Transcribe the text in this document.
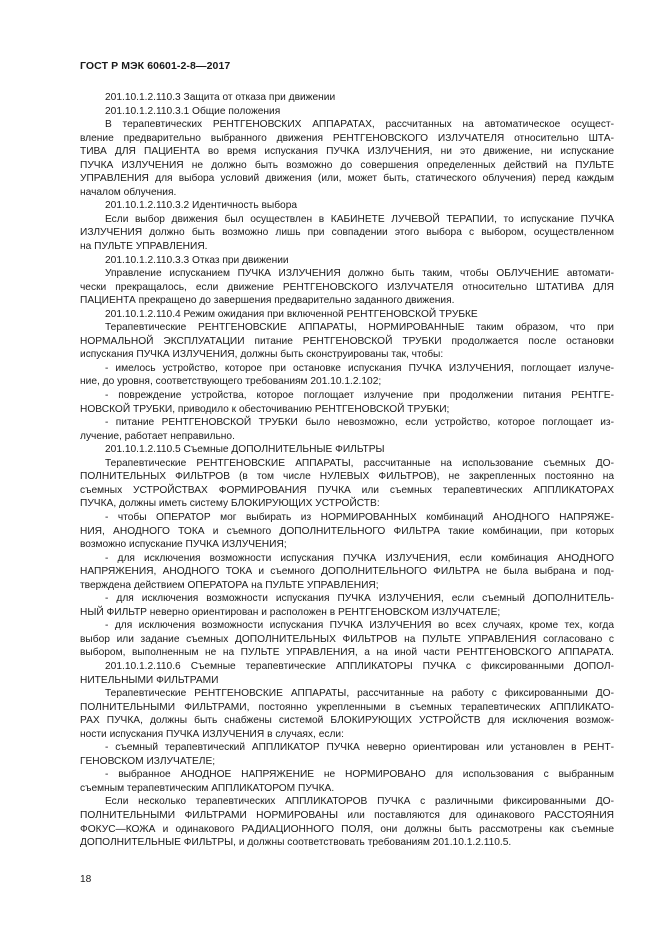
ГОСТ Р МЭК 60601-2-8—2017
201.10.1.2.110.3 Защита от отказа при движении
201.10.1.2.110.3.1 Общие положения
В терапевтических РЕНТГЕНОВСКИХ АППАРАТАХ, рассчитанных на автоматическое осущест-
вление предварительно выбранного движения РЕНТГЕНОВСКОГО ИЗЛУЧАТЕЛЯ относительно ШТА-
ТИВА ДЛЯ ПАЦИЕНТА во время испускания ПУЧКА ИЗЛУЧЕНИЯ, ни это движение, ни испускание
ПУЧКА ИЗЛУЧЕНИЯ не должно быть возможно до совершения определенных действий на ПУЛЬТЕ
УПРАВЛЕНИЯ для выбора условий движения (или, может быть, статического облучения) перед каждым
началом облучения.
201.10.1.2.110.3.2 Идентичность выбора
Если выбор движения был осуществлен в КАБИНЕТЕ ЛУЧЕВОЙ ТЕРАПИИ, то испускание ПУЧКА
ИЗЛУЧЕНИЯ должно быть возможно лишь при совпадении этого выбора с выбором, осуществленном
на ПУЛЬТЕ УПРАВЛЕНИЯ.
201.10.1.2.110.3.3 Отказ при движении
Управление испусканием ПУЧКА ИЗЛУЧЕНИЯ должно быть таким, чтобы ОБЛУЧЕНИЕ автомати-
чески прекращалось, если движение РЕНТГЕНОВСКОГО ИЗЛУЧАТЕЛЯ относительно ШТАТИВА ДЛЯ
ПАЦИЕНТА прекращено до завершения предварительно заданного движения.
201.10.1.2.110.4 Режим ожидания при включенной РЕНТГЕНОВСКОЙ ТРУБКЕ
Терапевтические РЕНТГЕНОВСКИЕ АППАРАТЫ, НОРМИРОВАННЫЕ таким образом, что при
НОРМАЛЬНОЙ ЭКСПЛУАТАЦИИ питание РЕНТГЕНОВСКОЙ ТРУБКИ продолжается после остановки
испускания ПУЧКА ИЗЛУЧЕНИЯ, должны быть сконструированы так, чтобы:
- имелось устройство, которое при остановке испускания ПУЧКА ИЗЛУЧЕНИЯ, поглощает излуче-
ние, до уровня, соответствующего требованиям 201.10.1.2.102;
- повреждение устройства, которое поглощает излучение при продолжении питания РЕНТГЕ-
НОВСКОЙ ТРУБКИ, приводило к обесточиванию РЕНТГЕНОВСКОЙ ТРУБКИ;
- питание РЕНТГЕНОВСКОЙ ТРУБКИ было невозможно, если устройство, которое поглощает из-
лучение, работает неправильно.
201.10.1.2.110.5 Съемные ДОПОЛНИТЕЛЬНЫЕ ФИЛЬТРЫ
Терапевтические РЕНТГЕНОВСКИЕ АППАРАТЫ, рассчитанные на использование съемных ДО-
ПОЛНИТЕЛЬНЫХ ФИЛЬТРОВ (в том числе НУЛЕВЫХ ФИЛЬТРОВ), не закрепленных постоянно на
съемных УСТРОЙСТВАХ ФОРМИРОВАНИЯ ПУЧКА или съемных терапевтических АППЛИКАТОРАХ
ПУЧКА, должны иметь систему БЛОКИРУЮЩИХ УСТРОЙСТВ:
- чтобы ОПЕРАТОР мог выбирать из НОРМИРОВАННЫХ комбинаций АНОДНОГО НАПРЯЖЕ-
НИЯ, АНОДНОГО ТОКА и съемного ДОПОЛНИТЕЛЬНОГО ФИЛЬТРА такие комбинации, при которых
возможно испускание ПУЧКА ИЗЛУЧЕНИЯ;
- для исключения возможности испускания ПУЧКА ИЗЛУЧЕНИЯ, если комбинация АНОДНОГО
НАПРЯЖЕНИЯ, АНОДНОГО ТОКА и съемного ДОПОЛНИТЕЛЬНОГО ФИЛЬТРА не была выбрана и под-
тверждена действием ОПЕРАТОРА на ПУЛЬТЕ УПРАВЛЕНИЯ;
- для исключения возможности испускания ПУЧКА ИЗЛУЧЕНИЯ, если съемный ДОПОЛНИТЕЛЬ-
НЫЙ ФИЛЬТР неверно ориентирован и расположен в РЕНТГЕНОВСКОМ ИЗЛУЧАТЕЛЕ;
- для исключения возможности испускания ПУЧКА ИЗЛУЧЕНИЯ во всех случаях, кроме тех, когда
выбор или задание съемных ДОПОЛНИТЕЛЬНЫХ ФИЛЬТРОВ на ПУЛЬТЕ УПРАВЛЕНИЯ согласовано с
выбором, выполненным не на ПУЛЬТЕ УПРАВЛЕНИЯ, а на иной части РЕНТГЕНОВСКОГО АППАРАТА.
201.10.1.2.110.6 Съемные терапевтические АППЛИКАТОРЫ ПУЧКА с фиксированными ДОПОЛ-
НИТЕЛЬНЫМИ ФИЛЬТРАМИ
Терапевтические РЕНТГЕНОВСКИЕ АППАРАТЫ, рассчитанные на работу с фиксированными ДО-
ПОЛНИТЕЛЬНЫМИ ФИЛЬТРАМИ, постоянно укрепленными в съемных терапевтических АППЛИКАТО-
РАХ ПУЧКА, должны быть снабжены системой БЛОКИРУЮЩИХ УСТРОЙСТВ для исключения возмож-
ности испускания ПУЧКА ИЗЛУЧЕНИЯ в случаях, если:
- съемный терапевтический АППЛИКАТОР ПУЧКА неверно ориентирован или установлен в РЕНТ-
ГЕНОВСКОМ ИЗЛУЧАТЕЛЕ;
- выбранное АНОДНОЕ НАПРЯЖЕНИЕ не НОРМИРОВАНО для использования с выбранным
съемным терапевтическим АППЛИКАТОРОМ ПУЧКА.
Если несколько терапевтических АППЛИКАТОРОВ ПУЧКА с различными фиксированными ДО-
ПОЛНИТЕЛЬНЫМИ ФИЛЬТРАМИ НОРМИРОВАНЫ или поставляются для одинакового РАССТОЯНИЯ
ФОКУС—КОЖА и одинакового РАДИАЦИОННОГО ПОЛЯ, они должны быть рассмотрены как съемные
ДОПОЛНИТЕЛЬНЫЕ ФИЛЬТРЫ, и должны соответствовать требованиям 201.10.1.2.110.5.
18
